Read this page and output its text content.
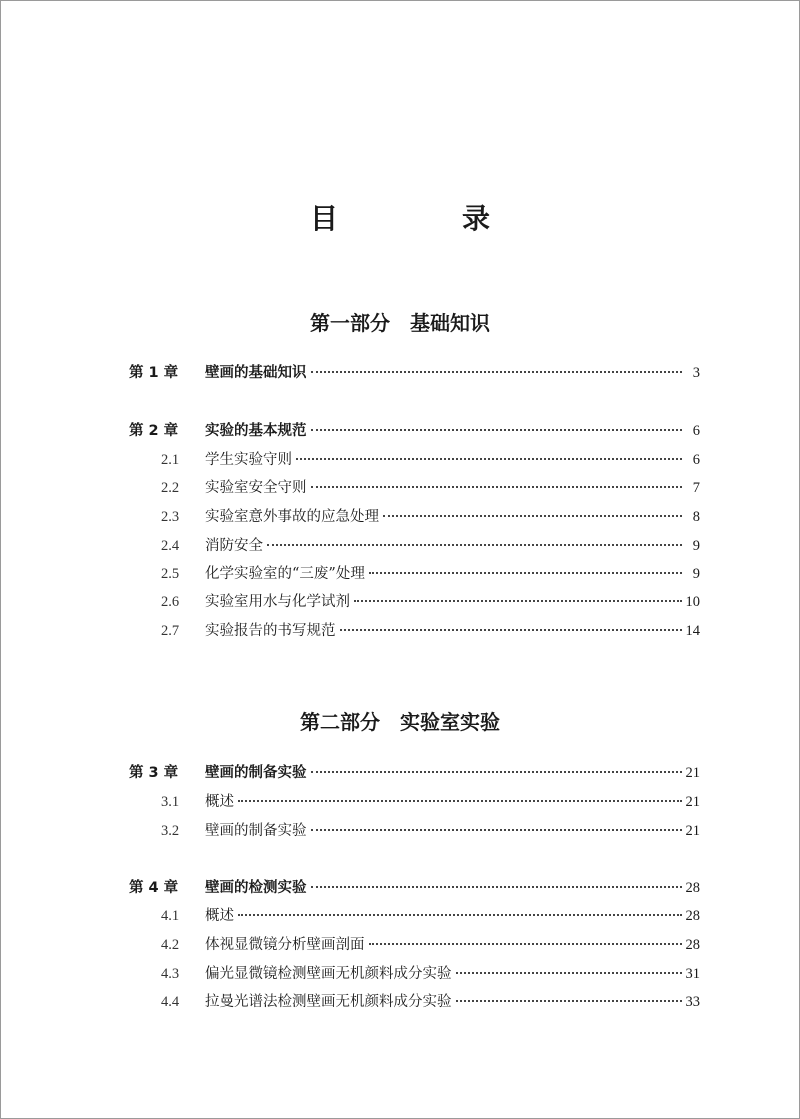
目　录
第一部分 基础知识
第 1 章	壁画的基础知识	3
第 2 章	实验的基本规范	6
2.1	学生实验守则	6
2.2	实验室安全守则	7
2.3	实验室意外事故的应急处理	8
2.4	消防安全	9
2.5	化学实验室的“三废”处理	9
2.6	实验室用水与化学试剂	10
2.7	实验报告的书写规范	14
第二部分 实验室实验
第 3 章	壁画的制备实验	21
3.1	概述	21
3.2	壁画的制备实验	21
第 4 章	壁画的检测实验	28
4.1	概述	28
4.2	体视显微镜分析壁画剖面	28
4.3	偏光显微镜检测壁画无机颜料成分实验	31
4.4	拉曼光谱法检测壁画无机颜料成分实验	33
